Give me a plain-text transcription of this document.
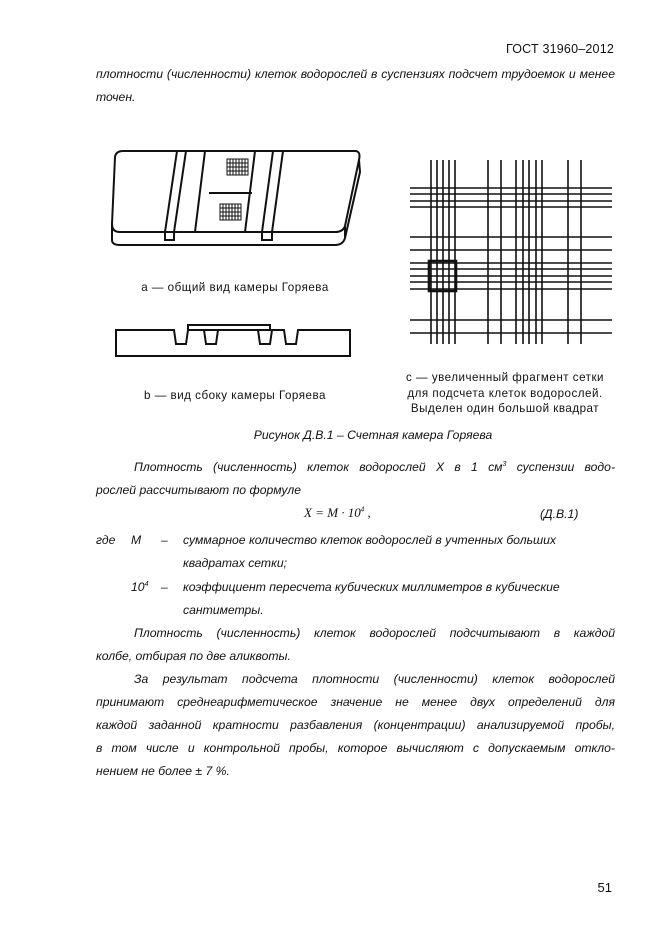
ГОСТ 31960–2012
плотности (численности) клеток водорослей в суспензиях подсчет трудоемок и менее
точен.
а — общий вид камеры Горяева
b — вид сбоку камеры Горяева
с — увеличенный фрагмент сетки
для подсчета клеток водорослей.
Выделен один большой квадрат
Рисунок Д.В.1 – Счетная камера Горяева
Плотность (численность) клеток водорослей X в 1 $см^3$ суспензии водо-
рослей рассчитывают по формуле
$X = M \cdot 10^4$ ,	(Д.В.1)
где M – суммарное количество клеток водорослей в учтенных больших
квадратах сетки;
$10^4$ – коэффициент пересчета кубических миллиметров в кубические
сантиметры.
Плотность (численность) клеток водорослей подсчитывают в каждой
колбе, отбирая по две аликвоты.
За результат подсчета плотности (численности) клеток водорослей
принимают среднеарифметическое значение не менее двух определений для
каждой заданной кратности разбавления (концентрации) анализируемой пробы,
в том числе и контрольной пробы, которое вычисляют с допускаемым откло-
нением не более ± 7 %.
51
